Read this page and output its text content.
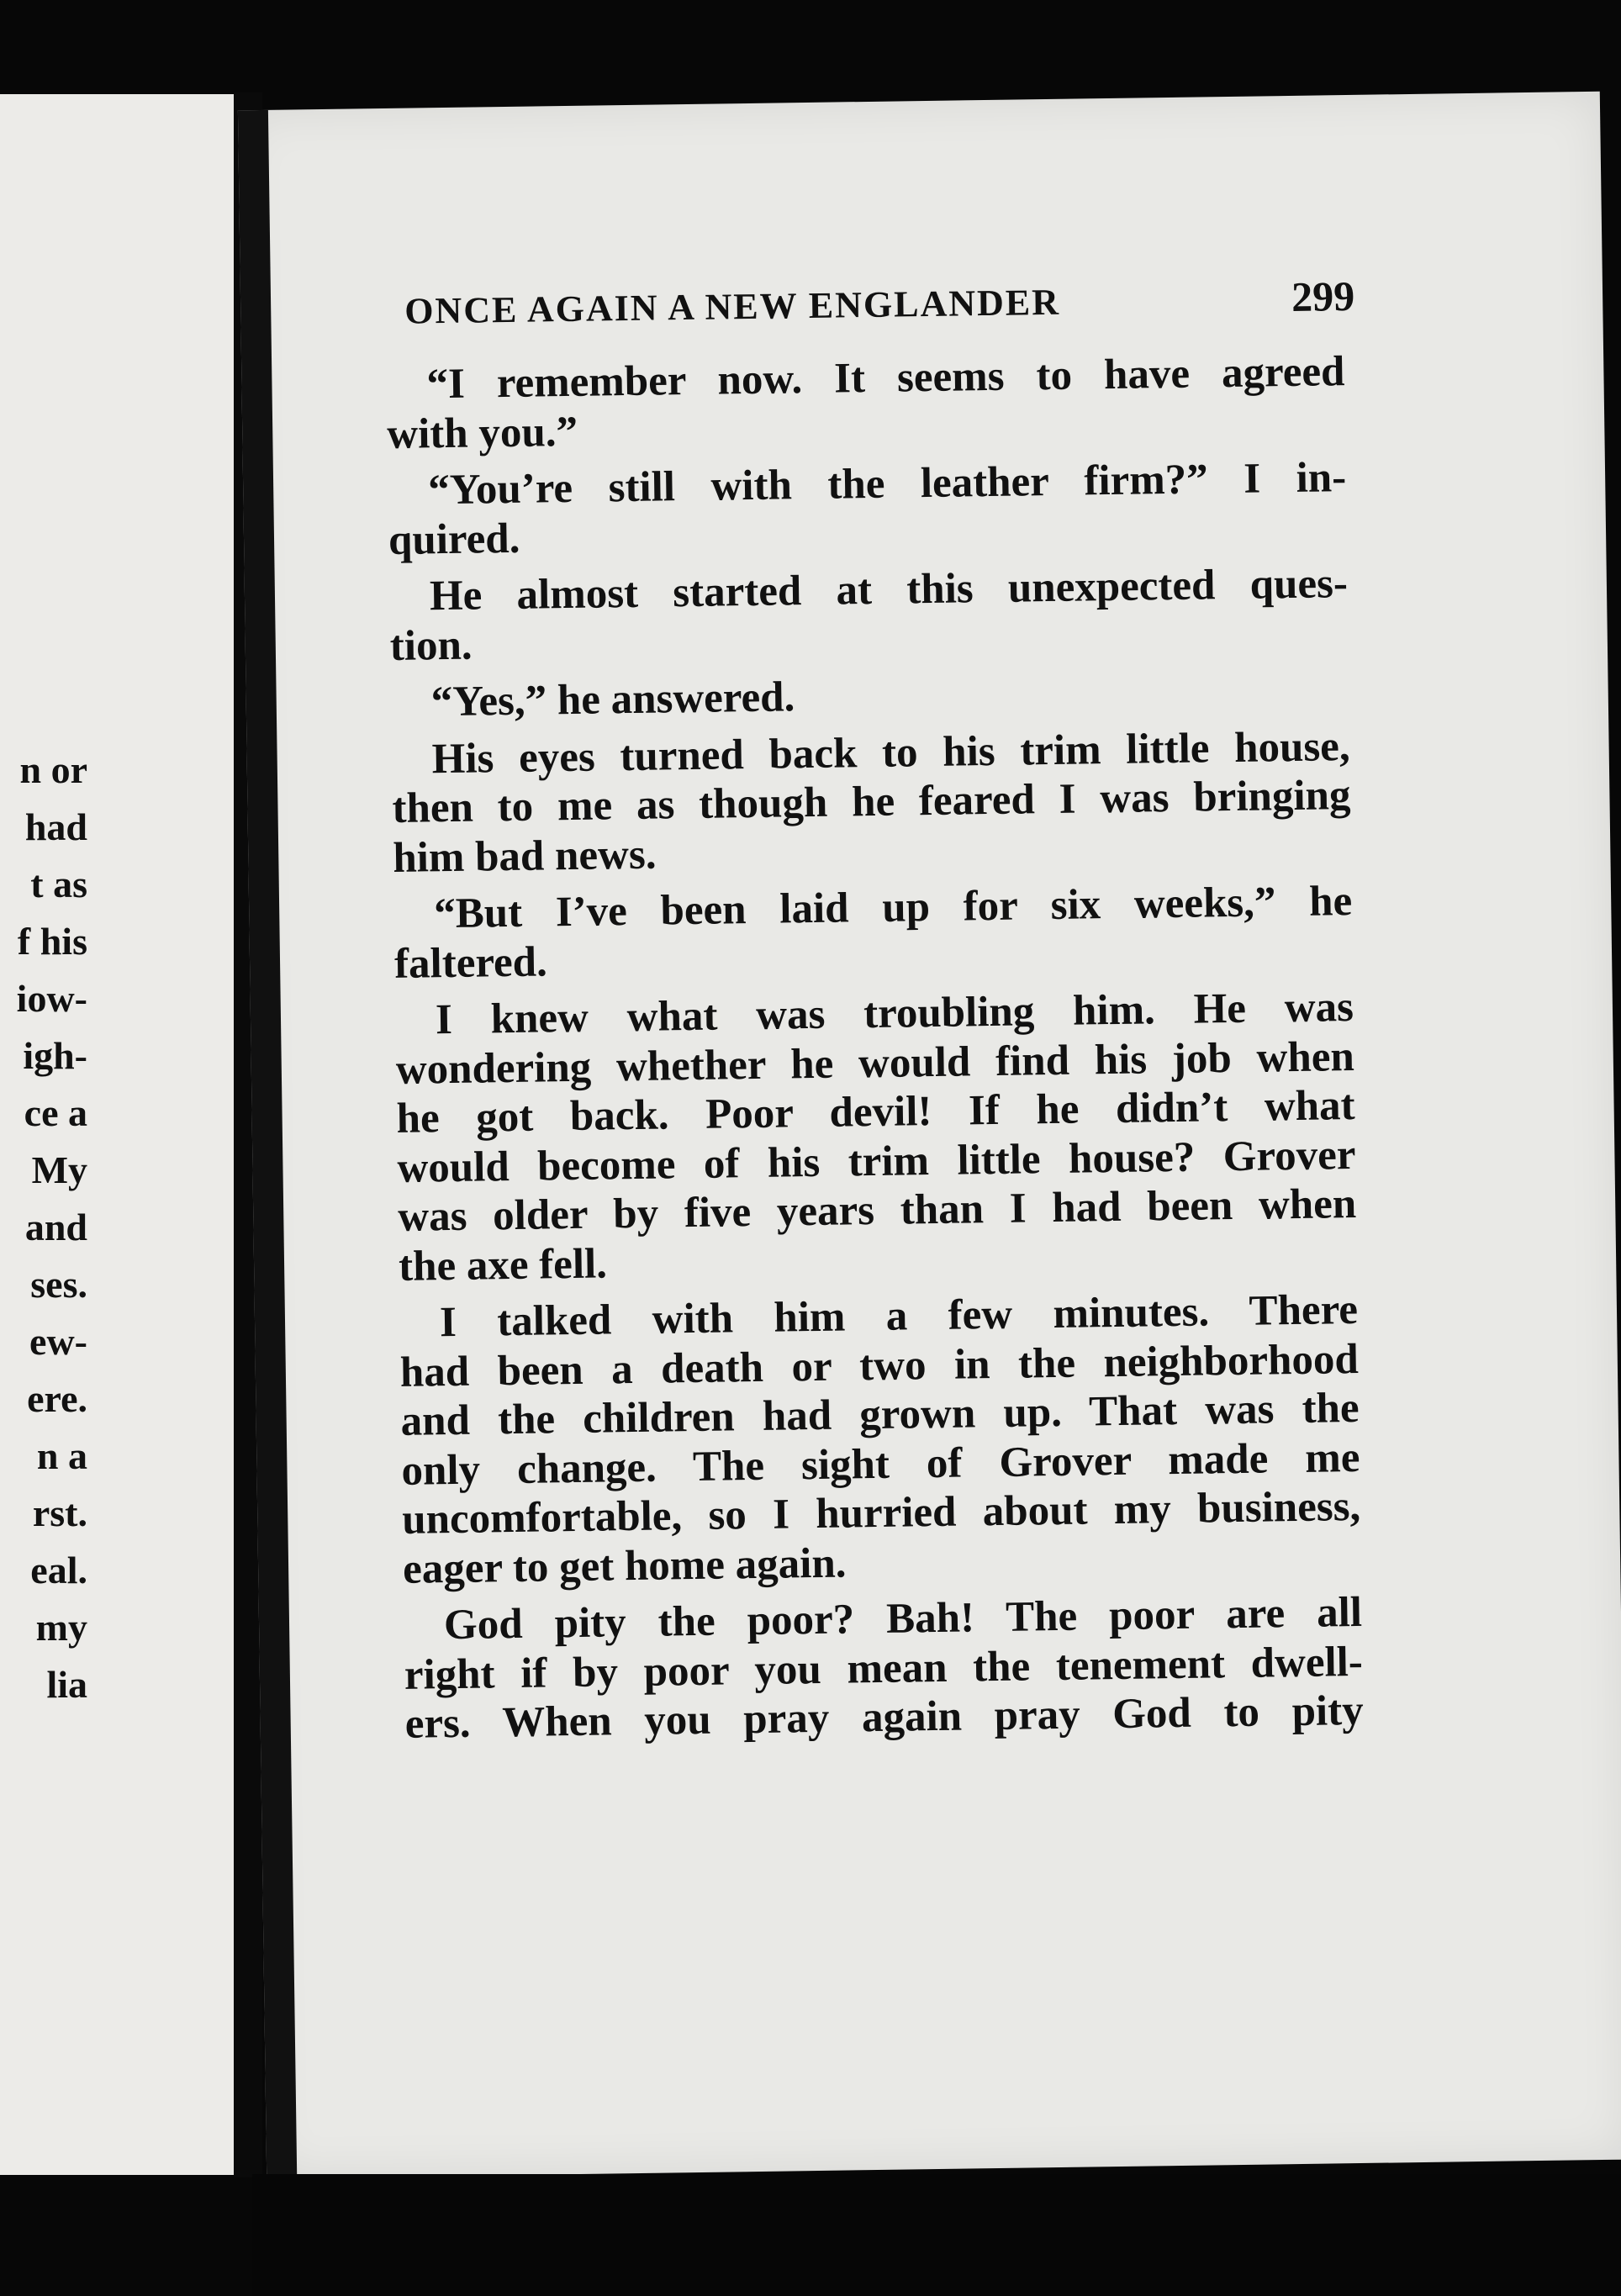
n or
had
t as
f his
iow-
igh-
ce a
My
and
ses.
ew-
ere.
n a
rst.
eal.
my
lia
ONCE AGAIN A NEW ENGLANDER	299
“I remember now. It seems to have agreed
with you.”
“You’re still with the leather firm?” I in-
quired.
He almost started at this unexpected ques-
tion.
“Yes,” he answered.
His eyes turned back to his trim little house,
then to me as though he feared I was bringing
him bad news.
“But I’ve been laid up for six weeks,” he
faltered.
I knew what was troubling him. He was
wondering whether he would find his job when
he got back. Poor devil! If he didn’t what
would become of his trim little house? Grover
was older by five years than I had been when
the axe fell.
I talked with him a few minutes. There
had been a death or two in the neighborhood
and the children had grown up. That was the
only change. The sight of Grover made me
uncomfortable, so I hurried about my business,
eager to get home again.
God pity the poor? Bah! The poor are all
right if by poor you mean the tenement dwell-
ers. When you pray again pray God to pity
